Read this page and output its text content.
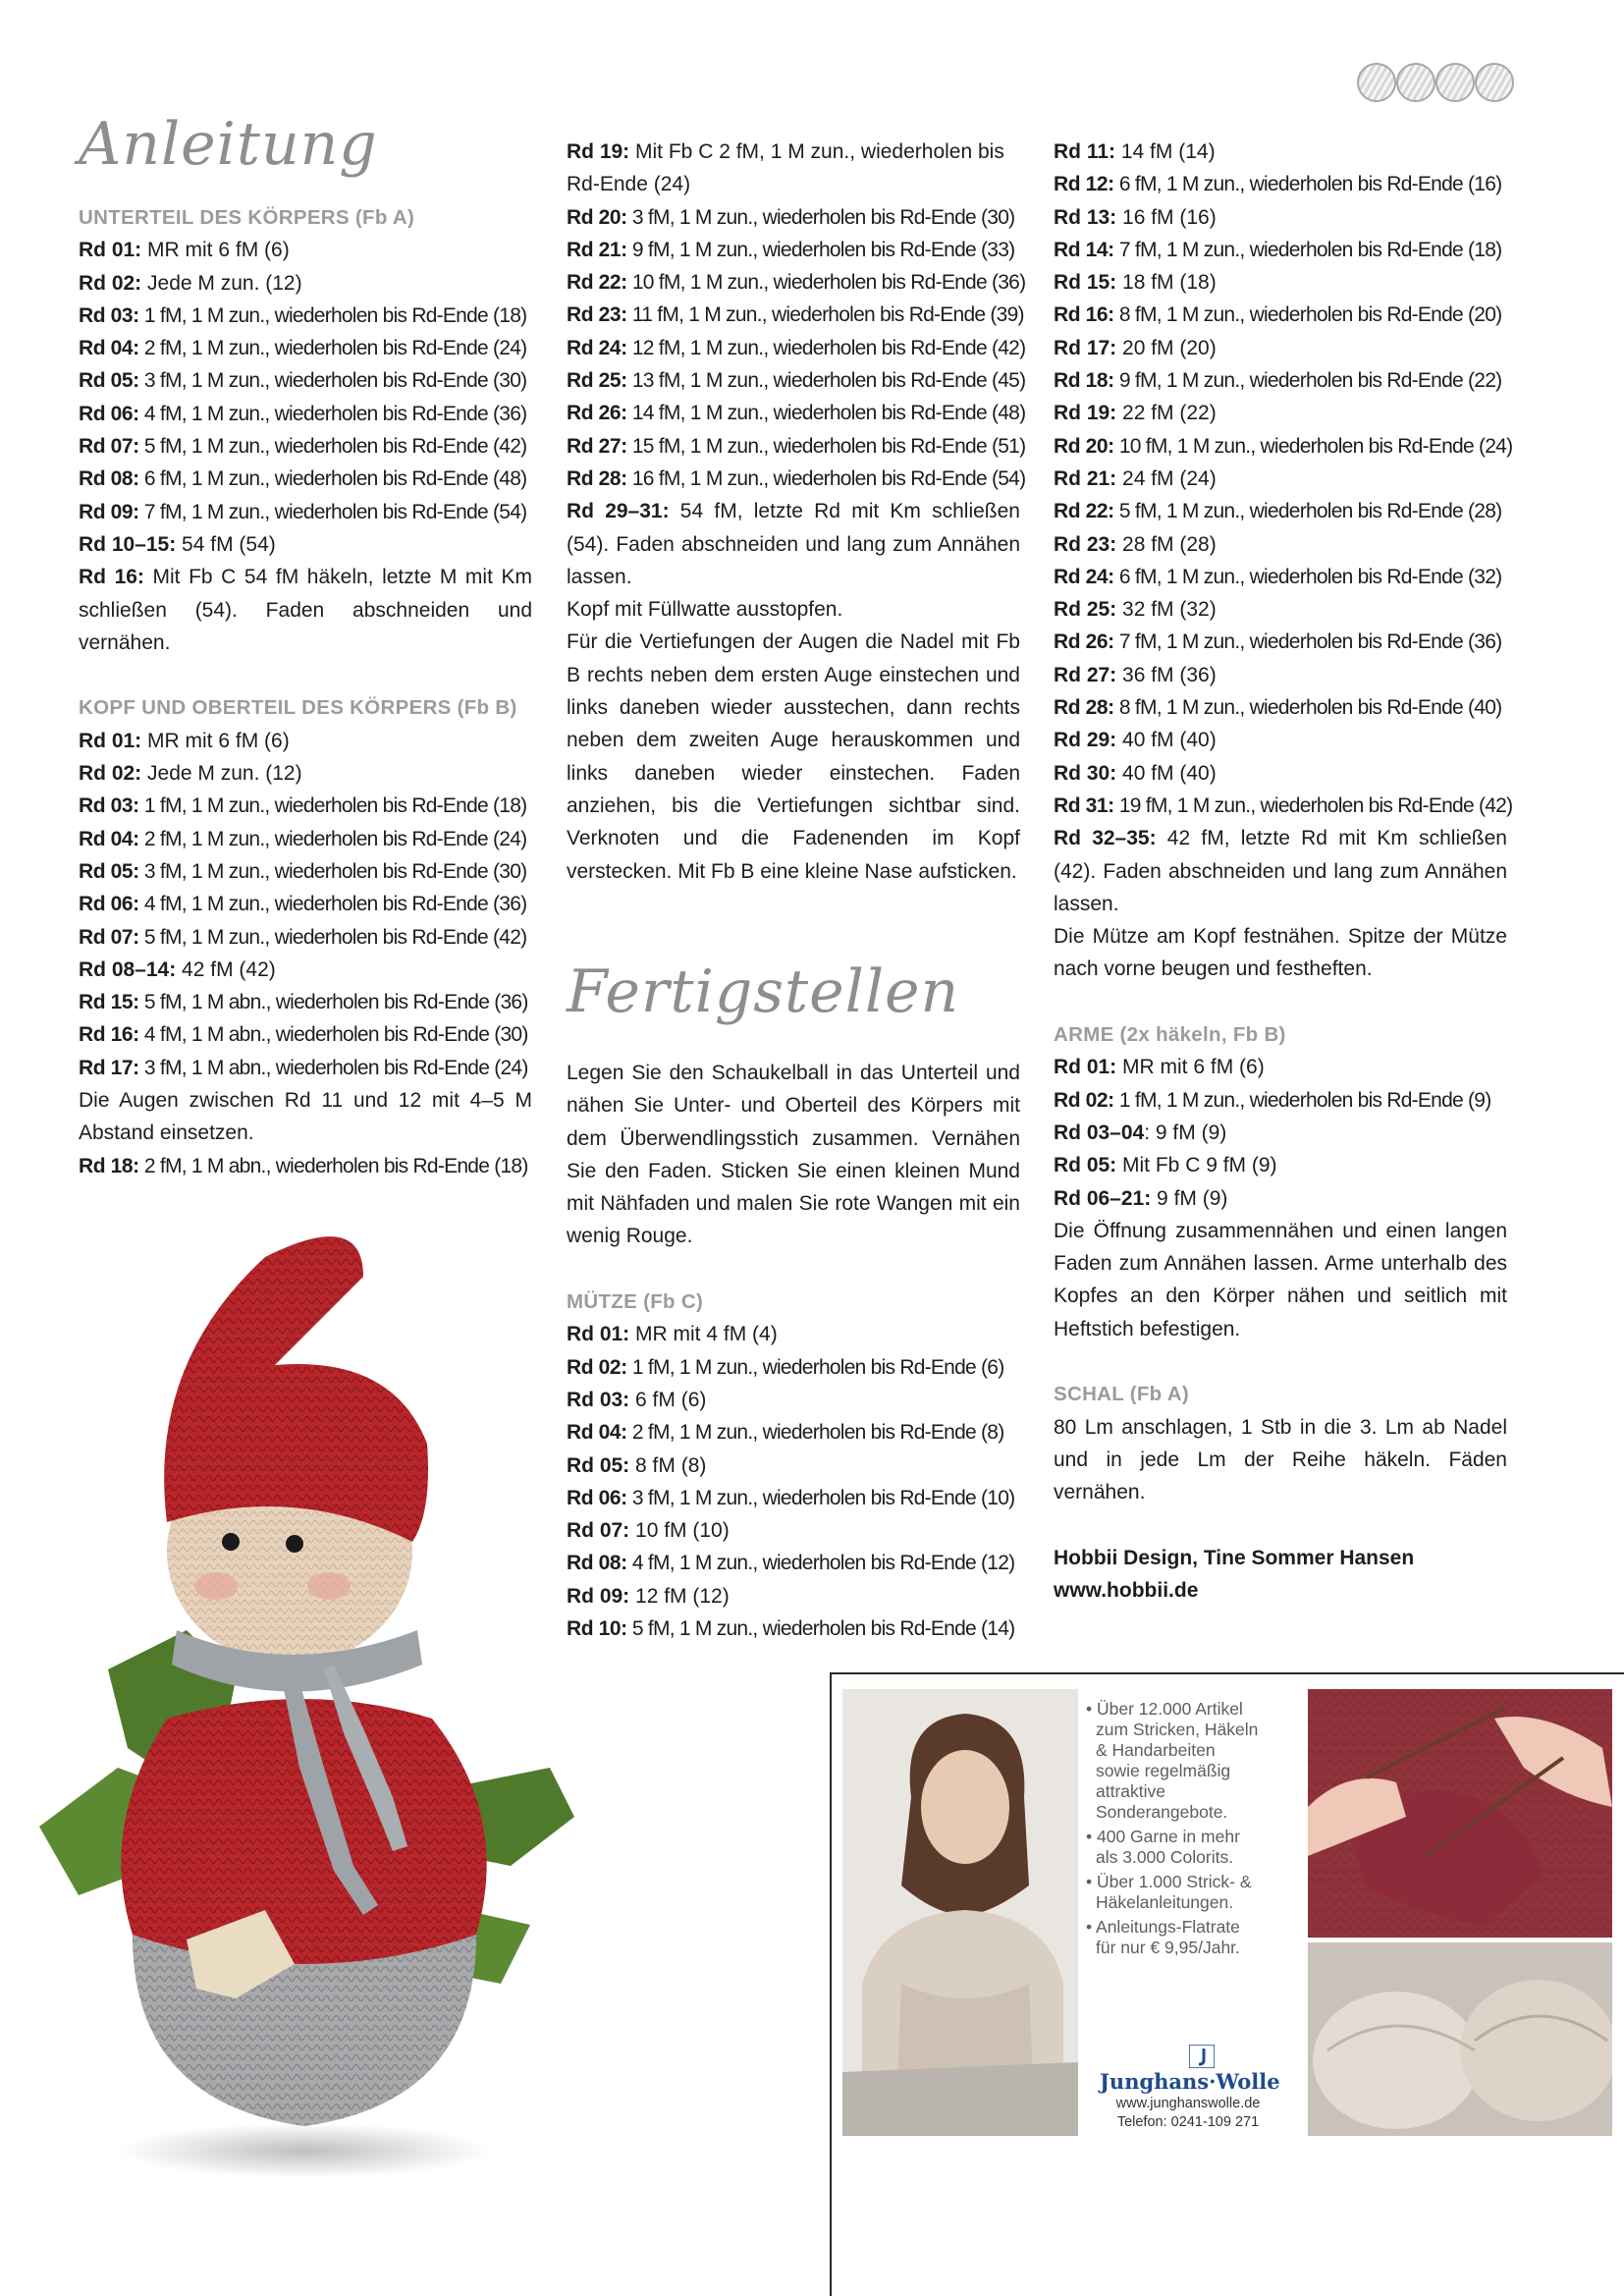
Anleitung
UNTERTEIL DES KÖRPERS (Fb A)
Rd 01: MR mit 6 fM (6)
Rd 02: Jede M zun. (12)
Rd 03: 1 fM, 1 M zun., wiederholen bis Rd-Ende (18)
Rd 04: 2 fM, 1 M zun., wiederholen bis Rd-Ende (24)
Rd 05: 3 fM, 1 M zun., wiederholen bis Rd-Ende (30)
Rd 06: 4 fM, 1 M zun., wiederholen bis Rd-Ende (36)
Rd 07: 5 fM, 1 M zun., wiederholen bis Rd-Ende (42)
Rd 08: 6 fM, 1 M zun., wiederholen bis Rd-Ende (48)
Rd 09: 7 fM, 1 M zun., wiederholen bis Rd-Ende (54)
Rd 10–15: 54 fM (54)

Rd 16: Mit Fb C 54 fM häkeln, letzte M mit Km schließen (54). Faden abschneiden und vernähen.

KOPF UND OBERTEIL DES KÖRPERS (Fb B)
Rd 01: MR mit 6 fM (6)
Rd 02: Jede M zun. (12)
Rd 03: 1 fM, 1 M zun., wiederholen bis Rd-Ende (18)
Rd 04: 2 fM, 1 M zun., wiederholen bis Rd-Ende (24)
Rd 05: 3 fM, 1 M zun., wiederholen bis Rd-Ende (30)
Rd 06: 4 fM, 1 M zun., wiederholen bis Rd-Ende (36)
Rd 07: 5 fM, 1 M zun., wiederholen bis Rd-Ende (42)
Rd 08–14: 42 fM (42)
Rd 15: 5 fM, 1 M abn., wiederholen bis Rd-Ende (36)
Rd 16: 4 fM, 1 M abn., wiederholen bis Rd-Ende (30)
Rd 17: 3 fM, 1 M abn., wiederholen bis Rd-Ende (24)

Die Augen zwischen Rd 11 und 12 mit 4–5 M Abstand einsetzen.

Rd 18: 2 fM, 1 M abn., wiederholen bis Rd-Ende (18)
Rd 19: Mit Fb C 2 fM, 1 M zun., wiederholen bis
Rd-Ende (24)
Rd 20: 3 fM, 1 M zun., wiederholen bis Rd-Ende (30)
Rd 21: 9 fM, 1 M zun., wiederholen bis Rd-Ende (33)
Rd 22: 10 fM, 1 M zun., wiederholen bis Rd-Ende (36)
Rd 23: 11 fM, 1 M zun., wiederholen bis Rd-Ende (39)
Rd 24: 12 fM, 1 M zun., wiederholen bis Rd-Ende (42)
Rd 25: 13 fM, 1 M zun., wiederholen bis Rd-Ende (45)
Rd 26: 14 fM, 1 M zun., wiederholen bis Rd-Ende (48)
Rd 27: 15 fM, 1 M zun., wiederholen bis Rd-Ende (51)
Rd 28: 16 fM, 1 M zun., wiederholen bis Rd-Ende (54)

Rd 29–31: 54 fM, letzte Rd mit Km schließen (54). Faden abschneiden und lang zum Annähen lassen.

Kopf mit Füllwatte ausstopfen.

Für die Vertiefungen der Augen die Nadel mit Fb B rechts neben dem ersten Auge einstechen und links daneben wieder ausstechen, dann rechts neben dem zweiten Auge herauskommen und links daneben wieder einstechen. Faden anziehen, bis die Vertiefungen sichtbar sind. Verknoten und die Fadenenden im Kopf verstecken. Mit Fb B eine kleine Nase aufsticken.

Fertigstellen

Legen Sie den Schaukelball in das Unterteil und nähen Sie Unter- und Oberteil des Körpers mit dem Überwendlingsstich zusammen. Vernähen Sie den Faden. Sticken Sie einen kleinen Mund mit Nähfaden und malen Sie rote Wangen mit ein wenig Rouge.

MÜTZE (Fb C)
Rd 01: MR mit 4 fM (4)
Rd 02: 1 fM, 1 M zun., wiederholen bis Rd-Ende (6)
Rd 03: 6 fM (6)
Rd 04: 2 fM, 1 M zun., wiederholen bis Rd-Ende (8)
Rd 05: 8 fM (8)
Rd 06: 3 fM, 1 M zun., wiederholen bis Rd-Ende (10)
Rd 07: 10 fM (10)
Rd 08: 4 fM, 1 M zun., wiederholen bis Rd-Ende (12)
Rd 09: 12 fM (12)
Rd 10: 5 fM, 1 M zun., wiederholen bis Rd-Ende (14)
Rd 11: 14 fM (14)
Rd 12: 6 fM, 1 M zun., wiederholen bis Rd-Ende (16)
Rd 13: 16 fM (16)
Rd 14: 7 fM, 1 M zun., wiederholen bis Rd-Ende (18)
Rd 15: 18 fM (18)
Rd 16: 8 fM, 1 M zun., wiederholen bis Rd-Ende (20)
Rd 17: 20 fM (20)
Rd 18: 9 fM, 1 M zun., wiederholen bis Rd-Ende (22)
Rd 19: 22 fM (22)
Rd 20: 10 fM, 1 M zun., wiederholen bis Rd-Ende (24)
Rd 21: 24 fM (24)
Rd 22: 5 fM, 1 M zun., wiederholen bis Rd-Ende (28)
Rd 23: 28 fM (28)
Rd 24: 6 fM, 1 M zun., wiederholen bis Rd-Ende (32)
Rd 25: 32 fM (32)
Rd 26: 7 fM, 1 M zun., wiederholen bis Rd-Ende (36)
Rd 27: 36 fM (36)
Rd 28: 8 fM, 1 M zun., wiederholen bis Rd-Ende (40)
Rd 29: 40 fM (40)
Rd 30: 40 fM (40)
Rd 31: 19 fM, 1 M zun., wiederholen bis Rd-Ende (42)

Rd 32–35: 42 fM, letzte Rd mit Km schließen (42). Faden abschneiden und lang zum Annähen lassen.

Die Mütze am Kopf festnähen. Spitze der Mütze nach vorne beugen und festheften.

ARME (2x häkeln, Fb B)
Rd 01: MR mit 6 fM (6)
Rd 02: 1 fM, 1 M zun., wiederholen bis Rd-Ende (9)
Rd 03–04: 9 fM (9)
Rd 05: Mit Fb C 9 fM (9)
Rd 06–21: 9 fM (9)

Die Öffnung zusammennähen und einen langen Faden zum Annähen lassen. Arme unterhalb des Kopfes an den Körper nähen und seitlich mit Heftstich befestigen.

SCHAL (Fb A)

80 Lm anschlagen, 1 Stb in die 3. Lm ab Nadel und in jede Lm der Reihe häkeln. Fäden vernähen.

Hobbii Design, Tine Sommer Hansen
www.hobbii.de
• Über 12.000 Artikel zum Stricken, Häkeln & Handarbeiten sowie regelmäßig attraktive Sonderangebote.
• 400 Garne in mehr als 3.000 Colorits.
• Über 1.000 Strick- & Häkelanleitungen.
• Anleitungs-Flatrate für nur € 9,95/Jahr.
Junghans·Wolle
www.junghanswolle.de
Telefon: 0241-109 271
